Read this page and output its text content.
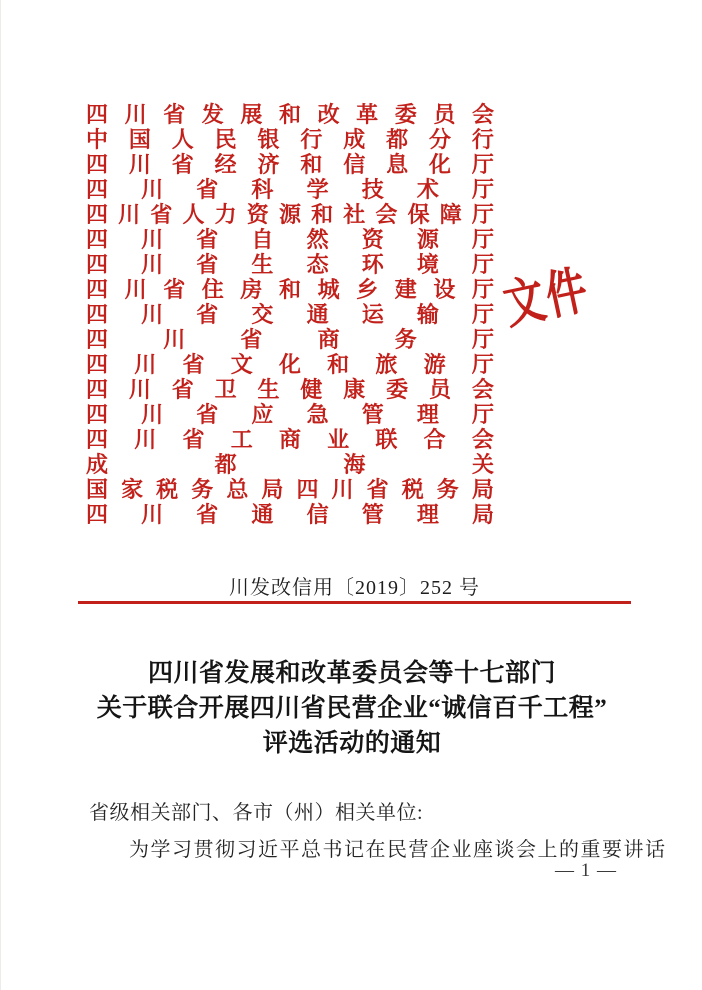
四 川 省 发 展 和 改 革 委 员 会
中 国 人 民 银 行 成 都 分 行
四 川 省 经 济 和 信 息 化 厅
四 川 省 科 学 技 术 厅
四 川 省 人 力 资 源 和 社 会 保 障 厅
四 川 省 自 然 资 源 厅
四 川 省 生 态 环 境 厅
四 川 省 住 房 和 城 乡 建 设 厅
四 川 省 交 通 运 输 厅
四	川	省	商	务	厅
四 川 省 文 化 和 旅 游 厅
四 川 省 卫 生 健 康 委 员 会
四 川 省 应 急 管 理 厅
四 川 省 工 商 业 联 合 会
成	都	海	关
国 家 税 务 总 局 四 川 省 税 务 局
四 川 省 通 信 管 理 局
文件
川发改信用〔2019〕252 号
四川省发展和改革委员会等十七部门
关于联合开展四川省民营企业“诚信百千工程”
评选活动的通知
省级相关部门、各市（州）相关单位:
为学习贯彻习近平总书记在民营企业座谈会上的重要讲话
— 1 —
